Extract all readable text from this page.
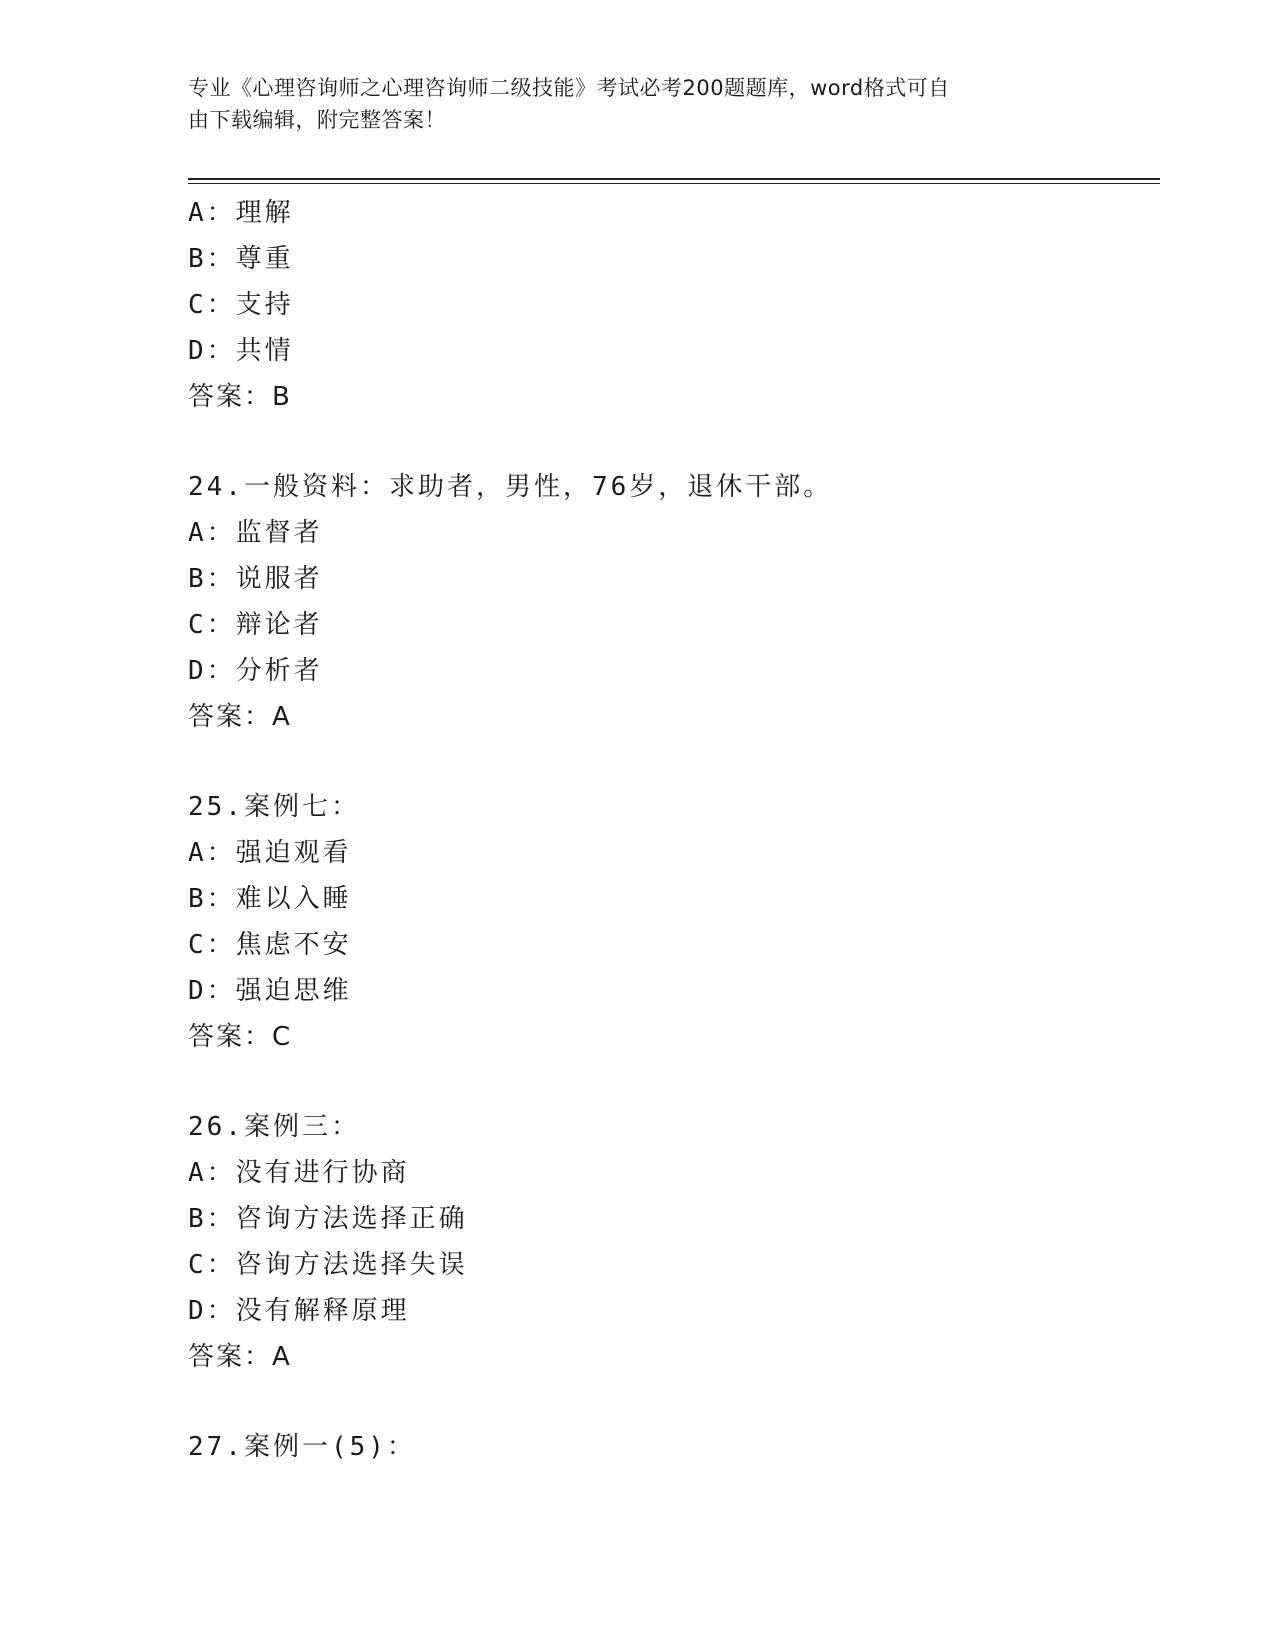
专业《心理咨询师之心理咨询师二级技能》考试必考200题题库，word格式可自
由下载编辑，附完整答案！
A：理解
B：尊重
C：支持
D：共情
答案：B
24.一般资料：求助者，男性，76岁，退休干部。
A：监督者
B：说服者
C：辩论者
D：分析者
答案：A
25.案例七：
A：强迫观看
B：难以入睡
C：焦虑不安
D：强迫思维
答案：C
26.案例三：
A：没有进行协商
B：咨询方法选择正确
C：咨询方法选择失误
D：没有解释原理
答案：A
27.案例一(5)：
